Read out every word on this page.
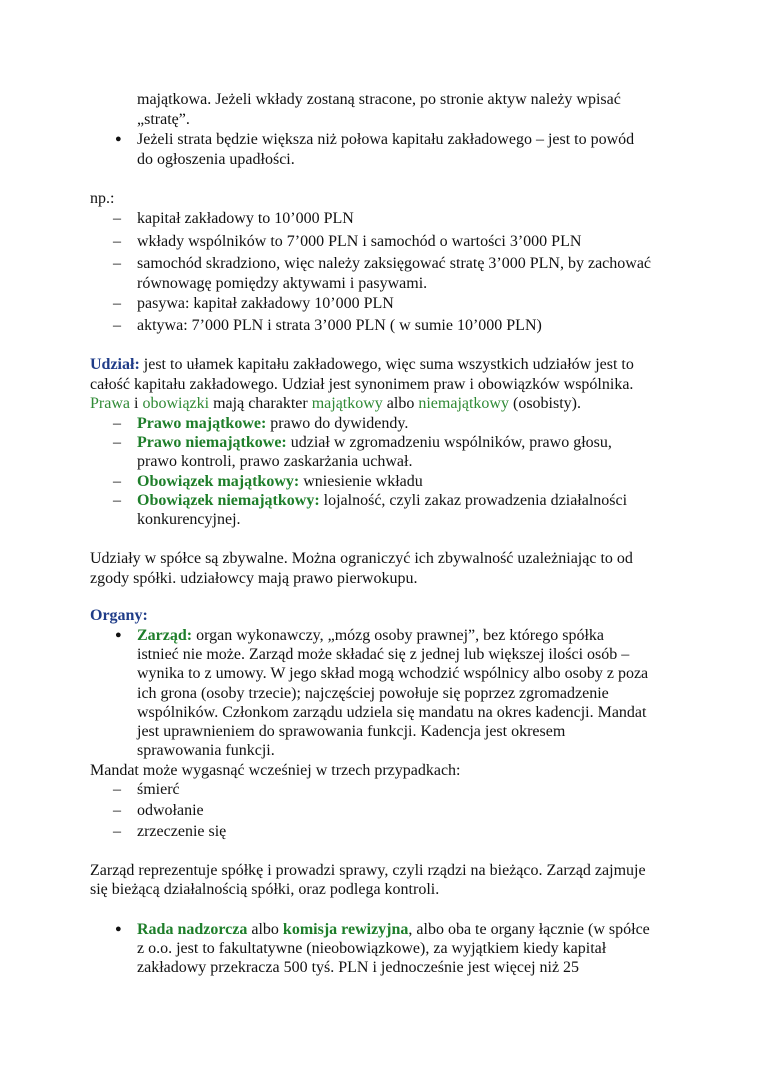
majątkowa. Jeżeli wkłady zostaną stracone, po stronie aktyw należy wpisać
„stratę”.
● Jeżeli strata będzie większa niż połowa kapitału zakładowego – jest to powód
do ogłoszenia upadłości.
np.:
– kapitał zakładowy to 10’000 PLN
– wkłady wspólników to 7’000 PLN i samochód o wartości 3’000 PLN
– samochód skradziono, więc należy zaksięgować stratę 3’000 PLN, by zachować
równowagę pomiędzy aktywami i pasywami.
– pasywa: kapitał zakładowy 10’000 PLN
– aktywa: 7’000 PLN i strata 3’000 PLN ( w sumie 10’000 PLN)
Udział: jest to ułamek kapitału zakładowego, więc suma wszystkich udziałów jest to
całość kapitału zakładowego. Udział jest synonimem praw i obowiązków wspólnika.
Prawa i obowiązki mają charakter majątkowy albo niemajątkowy (osobisty).
– Prawo majątkowe: prawo do dywidendy.
– Prawo niemajątkowe: udział w zgromadzeniu wspólników, prawo głosu,
prawo kontroli, prawo zaskarżania uchwał.
– Obowiązek majątkowy: wniesienie wkładu
– Obowiązek niemajątkowy: lojalność, czyli zakaz prowadzenia działalności
konkurencyjnej.
Udziały w spółce są zbywalne. Można ograniczyć ich zbywalność uzależniając to od
zgody spółki. udziałowcy mają prawo pierwokupu.
Organy:
● Zarząd: organ wykonawczy, „mózg osoby prawnej”, bez którego spółka
istnieć nie może. Zarząd może składać się z jednej lub większej ilości osób –
wynika to z umowy. W jego skład mogą wchodzić wspólnicy albo osoby z poza
ich grona (osoby trzecie); najczęściej powołuje się poprzez zgromadzenie
wspólników. Członkom zarządu udziela się mandatu na okres kadencji. Mandat
jest uprawnieniem do sprawowania funkcji. Kadencja jest okresem
sprawowania funkcji.
Mandat może wygasnąć wcześniej w trzech przypadkach:
– śmierć
– odwołanie
– zrzeczenie się
Zarząd reprezentuje spółkę i prowadzi sprawy, czyli rządzi na bieżąco. Zarząd zajmuje
się bieżącą działalnością spółki, oraz podlega kontroli.
● Rada nadzorcza albo komisja rewizyjna, albo oba te organy łącznie (w spółce
z o.o. jest to fakultatywne (nieobowiązkowe), za wyjątkiem kiedy kapitał
zakładowy przekracza 500 tyś. PLN i jednocześnie jest więcej niż 25
